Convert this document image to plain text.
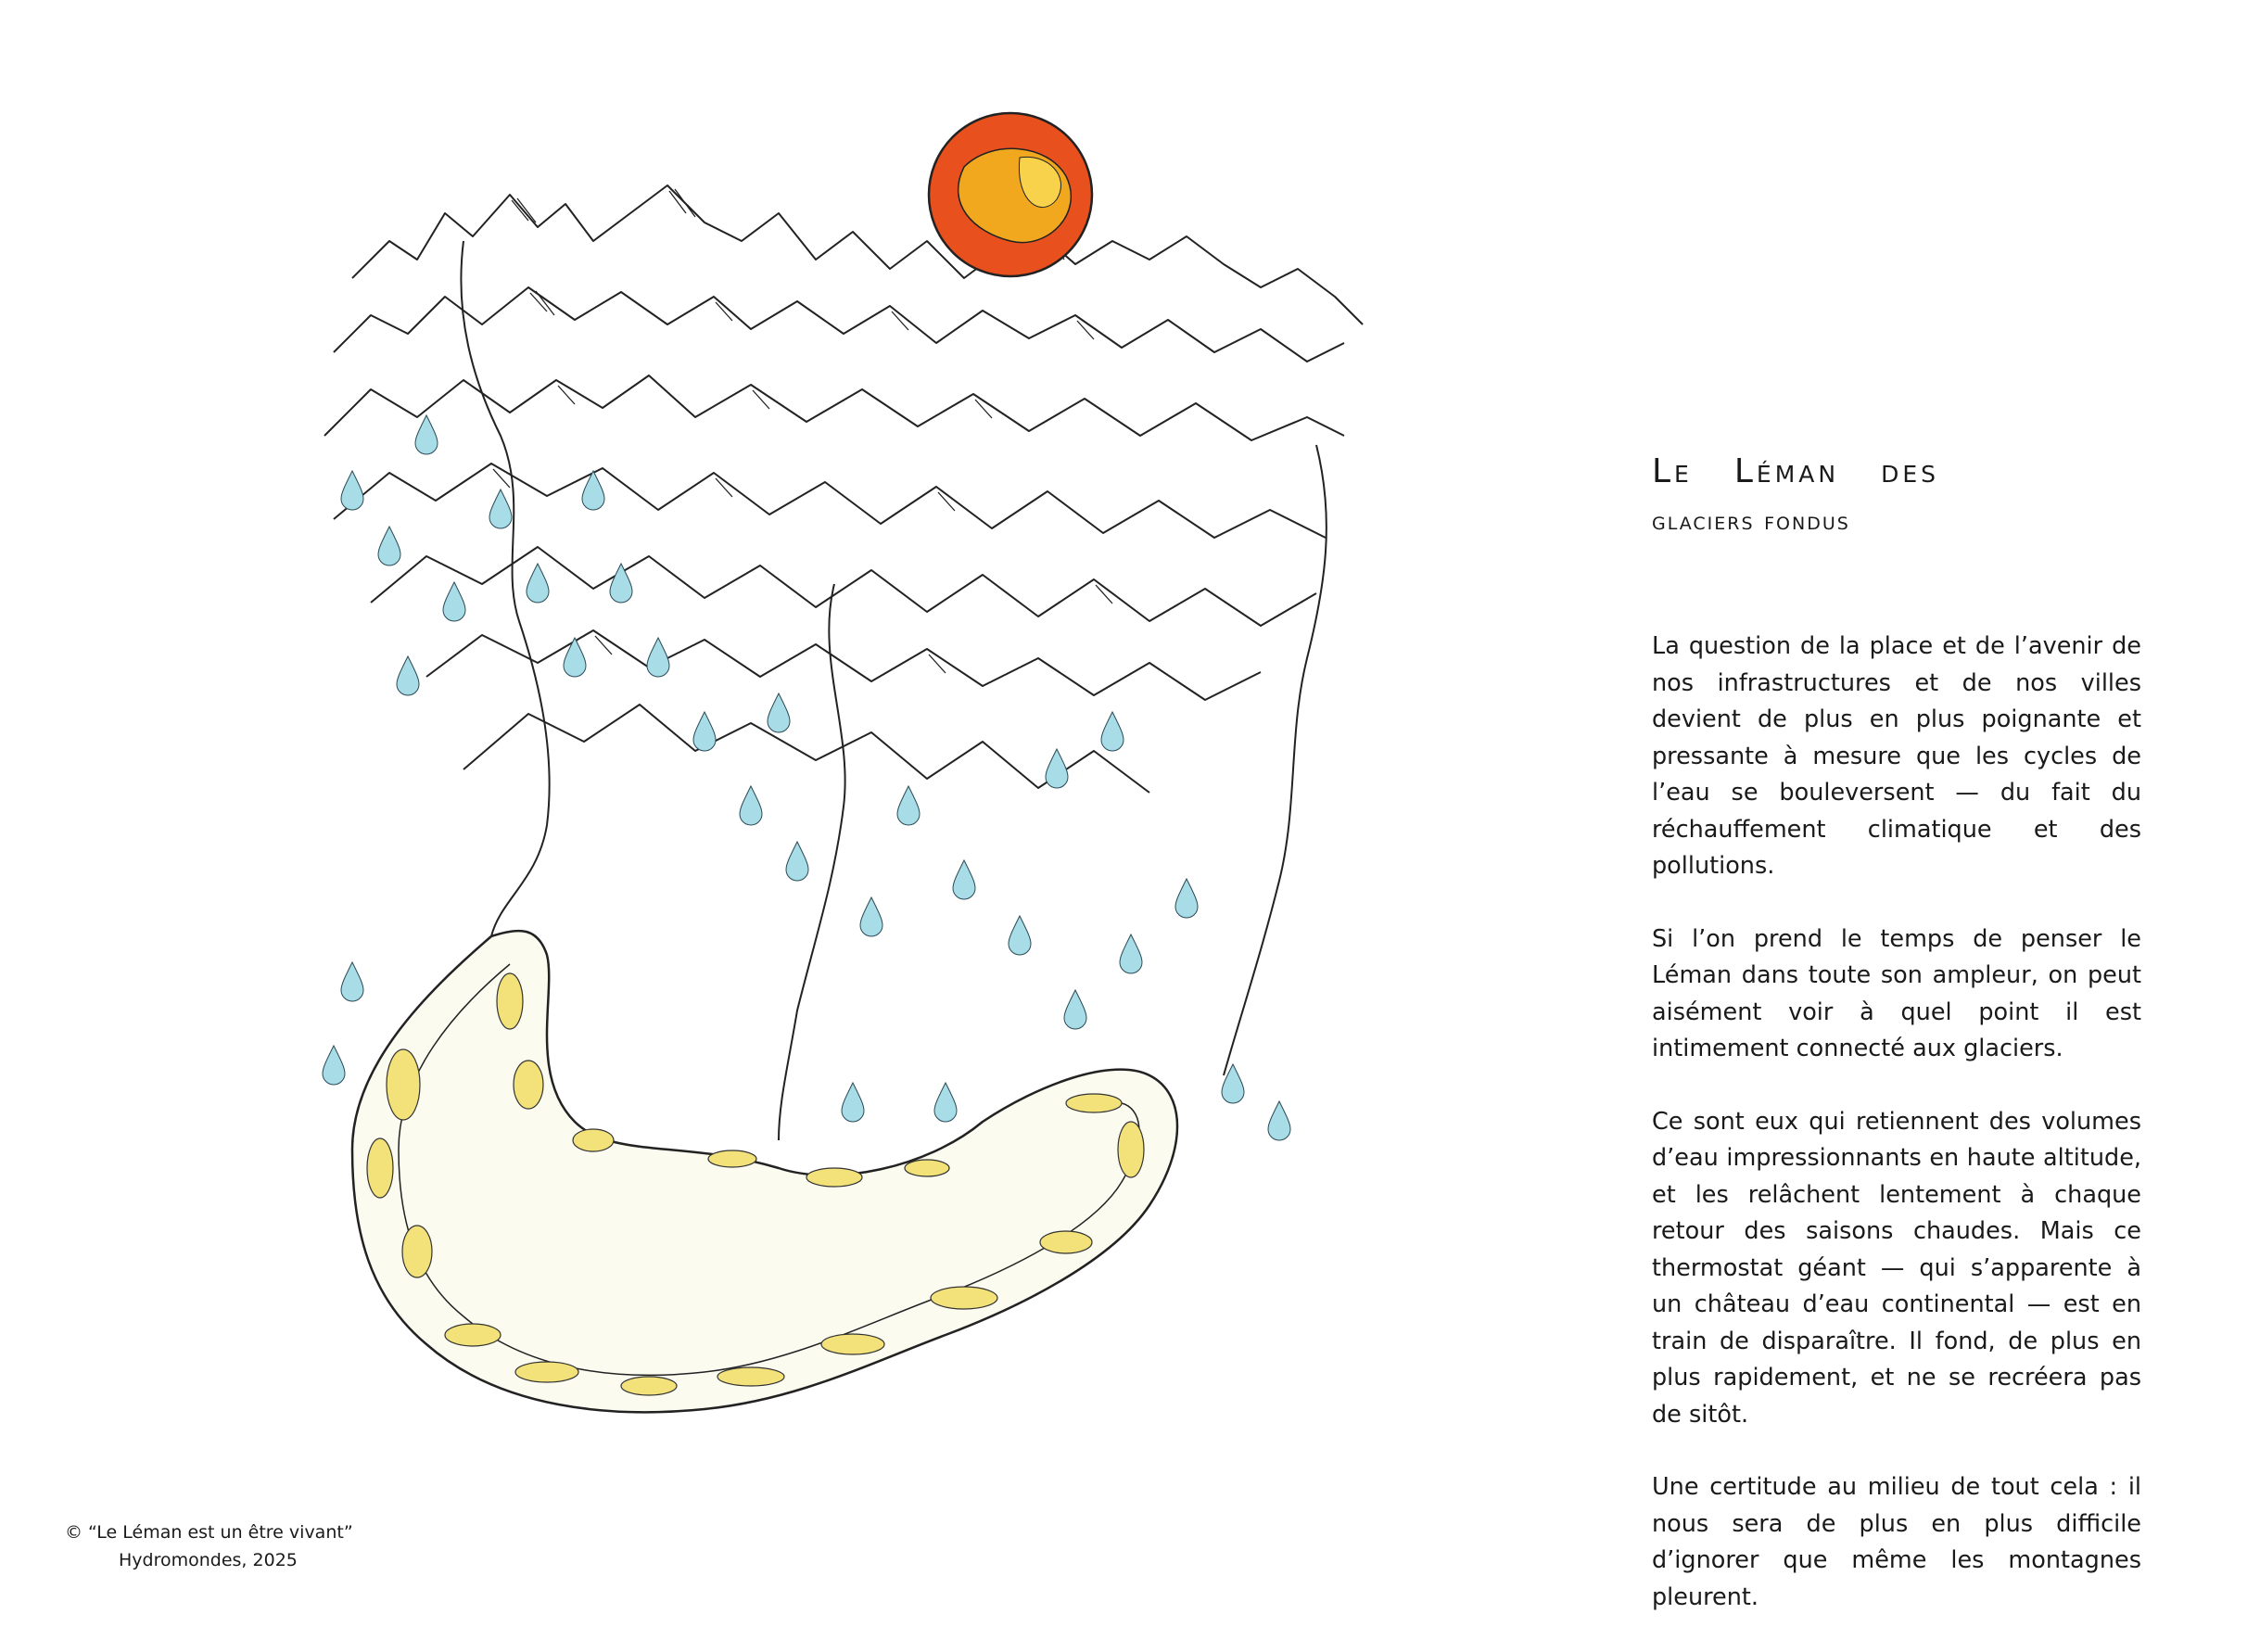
Le Léman des
glaciers fondus

La question de la place et de l’avenir de nos infrastructures et de nos villes devient de plus en plus poignante et pressante à mesure que les cycles de l’eau se bouleversent — du fait du réchauffement climatique et des pollutions.

Si l’on prend le temps de penser le Léman dans toute son ampleur, on peut aisément voir à quel point il est intimement connecté aux glaciers.

Ce sont eux qui retiennent des volumes d’eau impressionnants en haute altitude, et les relâchent lentement à chaque retour des saisons chaudes. Mais ce thermostat géant — qui s’apparente à un château d’eau continental — est en train de disparaître. Il fond, de plus en plus rapidement, et ne se recréera pas de sitôt.

Une certitude au milieu de tout cela : il nous sera de plus en plus difficile d’ignorer que même les montagnes pleurent.

© “Le Léman est un être vivant”
Hydromondes, 2025
